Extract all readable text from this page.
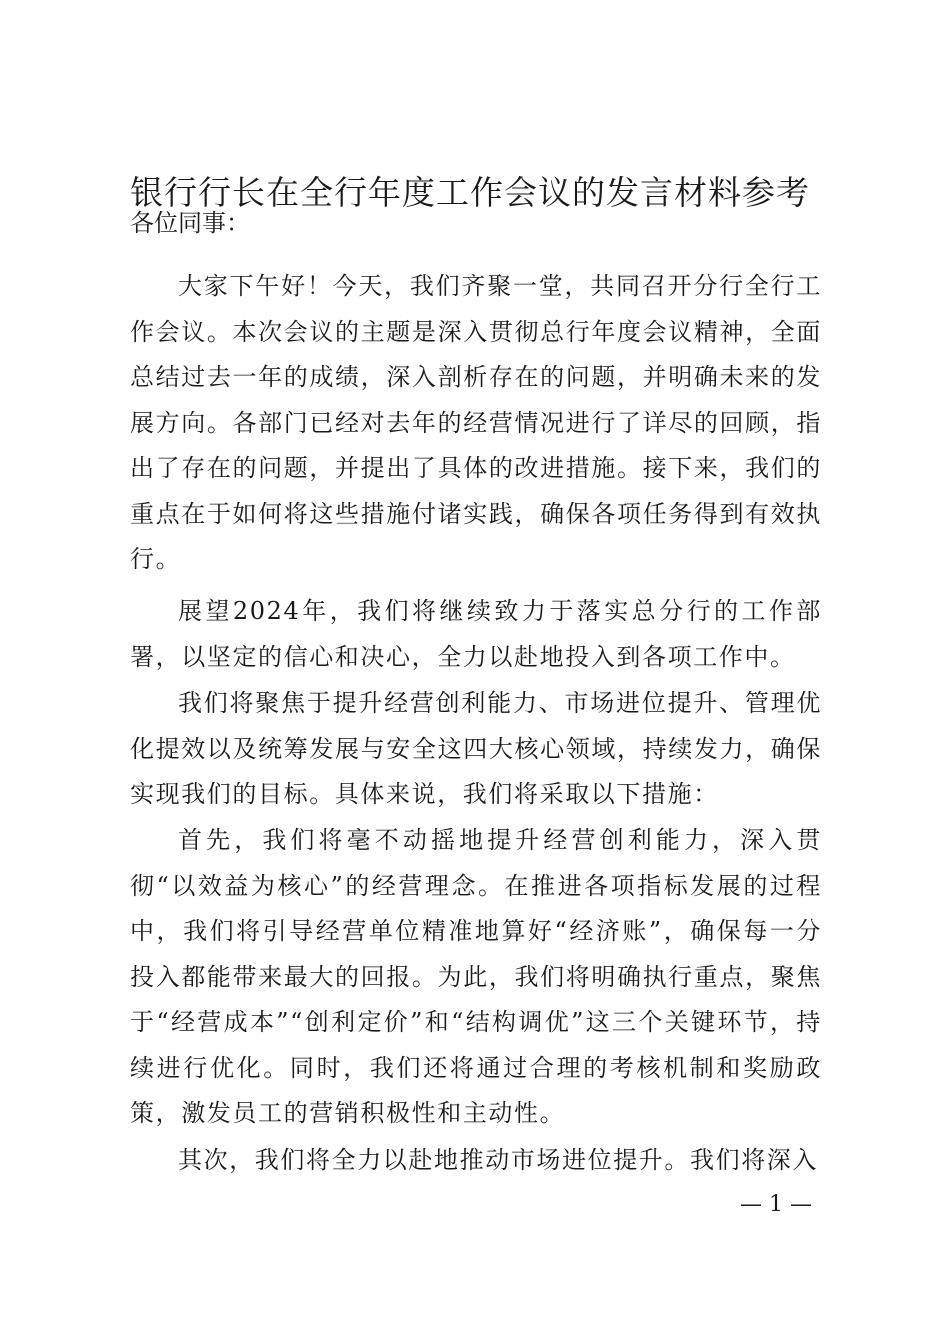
银行行长在全行年度工作会议的发言材料参考

各位同事：

大家下午好！今天，我们齐聚一堂，共同召开分行全行工作会议。本次会议的主题是深入贯彻总行年度会议精神，全面总结过去一年的成绩，深入剖析存在的问题，并明确未来的发展方向。各部门已经对去年的经营情况进行了详尽的回顾，指出了存在的问题，并提出了具体的改进措施。接下来，我们的重点在于如何将这些措施付诸实践，确保各项任务得到有效执行。

展望2024年，我们将继续致力于落实总分行的工作部署，以坚定的信心和决心，全力以赴地投入到各项工作中。

我们将聚焦于提升经营创利能力、市场进位提升、管理优化提效以及统筹发展与安全这四大核心领域，持续发力，确保实现我们的目标。具体来说，我们将采取以下措施：

首先，我们将毫不动摇地提升经营创利能力，深入贯彻“以效益为核心”的经营理念。在推进各项指标发展的过程中，我们将引导经营单位精准地算好“经济账”，确保每一分投入都能带来最大的回报。为此，我们将明确执行重点，聚焦于“经营成本”“创利定价”和“结构调优”这三个关键环节，持续进行优化。同时，我们还将通过合理的考核机制和奖励政策，激发员工的营销积极性和主动性。

其次，我们将全力以赴地推动市场进位提升。我们将深入

— 1 —
